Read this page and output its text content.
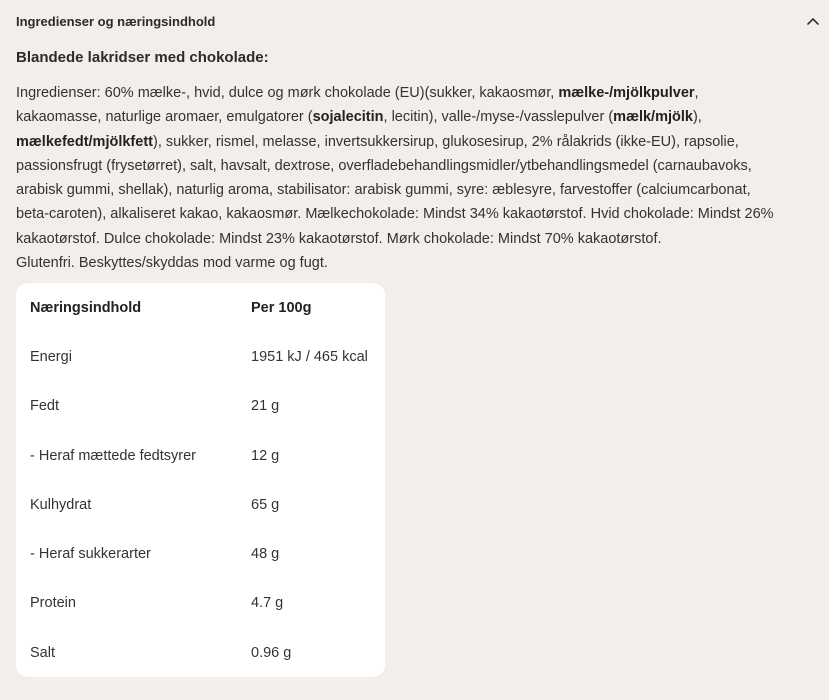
Ingredienser og næringsindhold
Blandede lakridser med chokolade:

Ingredienser: 60% mælke-, hvid, dulce og mørk chokolade (EU)(sukker, kakaosmør, mælke-/mjölkpulver,
kakaomasse, naturlige aromaer, emulgatorer (sojalecitin, lecitin), valle-/myse-/vasslepulver (mælk/mjölk),
mælkefedt/mjölkfett), sukker, rismel, melasse, invertsukkersirup, glukosesirup, 2% rålakrids (ikke-EU), rapsolie,
passionsfrugt (frysetørret), salt, havsalt, dextrose, overfladebehandlingsmidler/ytbehandlingsmedel (carnaubavoks,
arabisk gummi, shellak), naturlig aroma, stabilisator: arabisk gummi, syre: æblesyre, farvestoffer (calciumcarbonat,
beta-caroten), alkaliseret kakao, kakaosmør. Mælkechokolade: Mindst 34% kakaotørstof. Hvid chokolade: Mindst 26%
kakaotørstof. Dulce chokolade: Mindst 23% kakaotørstof. Mørk chokolade: Mindst 70% kakaotørstof.
Glutenfri. Beskyttes/skyddas mod varme og fugt.

Næringsindhold	Per 100g
Energi	1951 kJ / 465 kcal
Fedt	21 g
- Heraf mættede fedtsyrer	12 g
Kulhydrat	65 g
- Heraf sukkerarter	48 g
Protein	4.7 g
Salt	0.96 g
